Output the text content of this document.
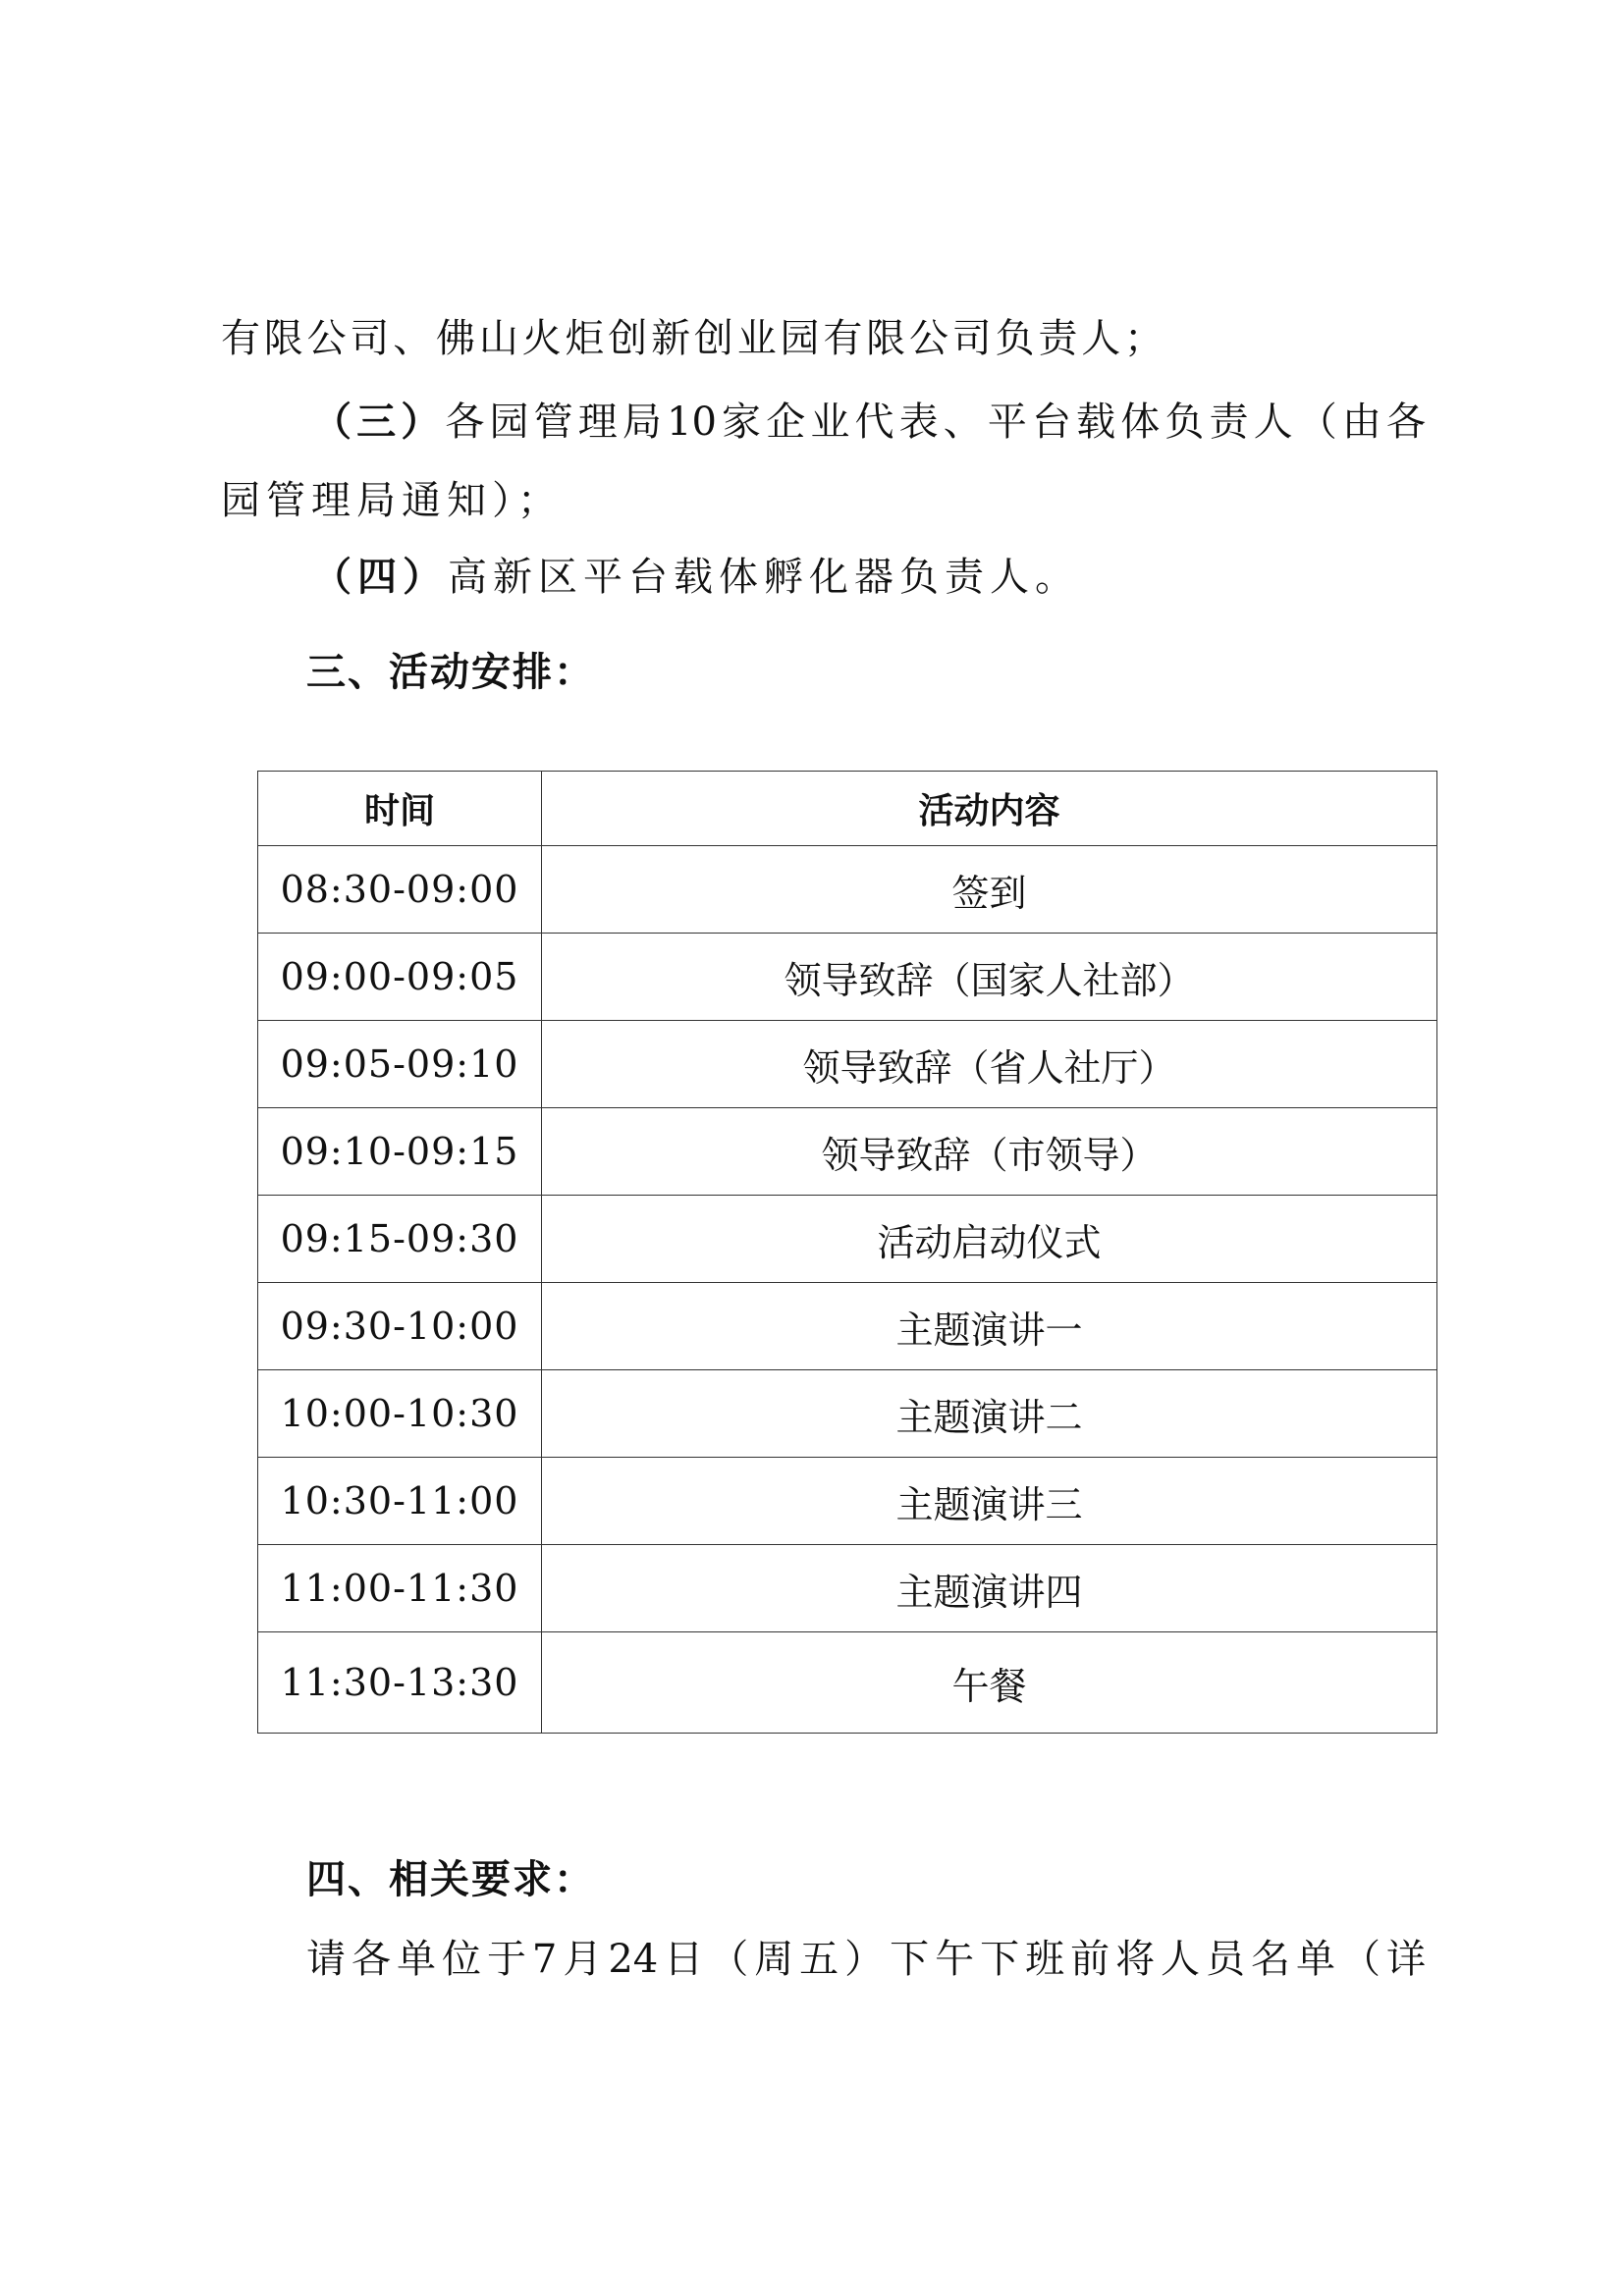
有限公司、佛山火炬创新创业园有限公司负责人；
（三）各园管理局10家企业代表、平台载体负责人（由各
园管理局通知）；
（四）高新区平台载体孵化器负责人。
三、活动安排：
时间	活动内容
08:30-09:00	签到
09:00-09:05	领导致辞（国家人社部）
09:05-09:10	领导致辞（省人社厅）
09:10-09:15	领导致辞（市领导）
09:15-09:30	活动启动仪式
09:30-10:00	主题演讲一
10:00-10:30	主题演讲二
10:30-11:00	主题演讲三
11:00-11:30	主题演讲四
11:30-13:30	午餐
四、相关要求：
请各单位于7月24日（周五）下午下班前将人员名单（详
